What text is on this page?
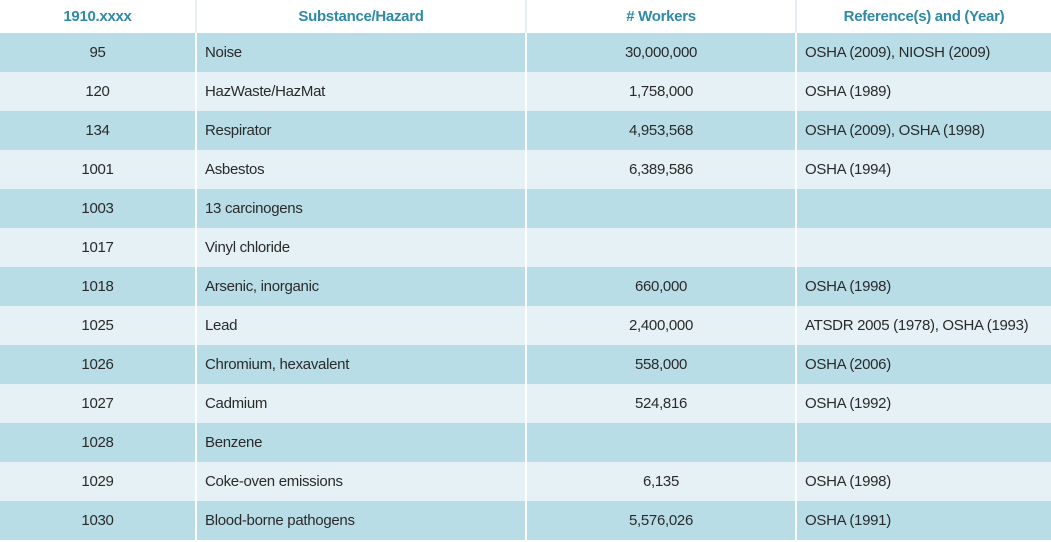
1910.xxxx	Substance/Hazard	# Workers	Reference(s) and (Year)
95	Noise	30,000,000	OSHA (2009), NIOSH (2009)
120	HazWaste/HazMat	1,758,000	OSHA (1989)
134	Respirator	4,953,568	OSHA (2009), OSHA (1998)
1001	Asbestos	6,389,586	OSHA (1994)
1003	13 carcinogens		
1017	Vinyl chloride		
1018	Arsenic, inorganic	660,000	OSHA (1998)
1025	Lead	2,400,000	ATSDR 2005 (1978), OSHA (1993)
1026	Chromium, hexavalent	558,000	OSHA (2006)
1027	Cadmium	524,816	OSHA (1992)
1028	Benzene		
1029	Coke-oven emissions	6,135	OSHA (1998)
1030	Blood-borne pathogens	5,576,026	OSHA (1991)
